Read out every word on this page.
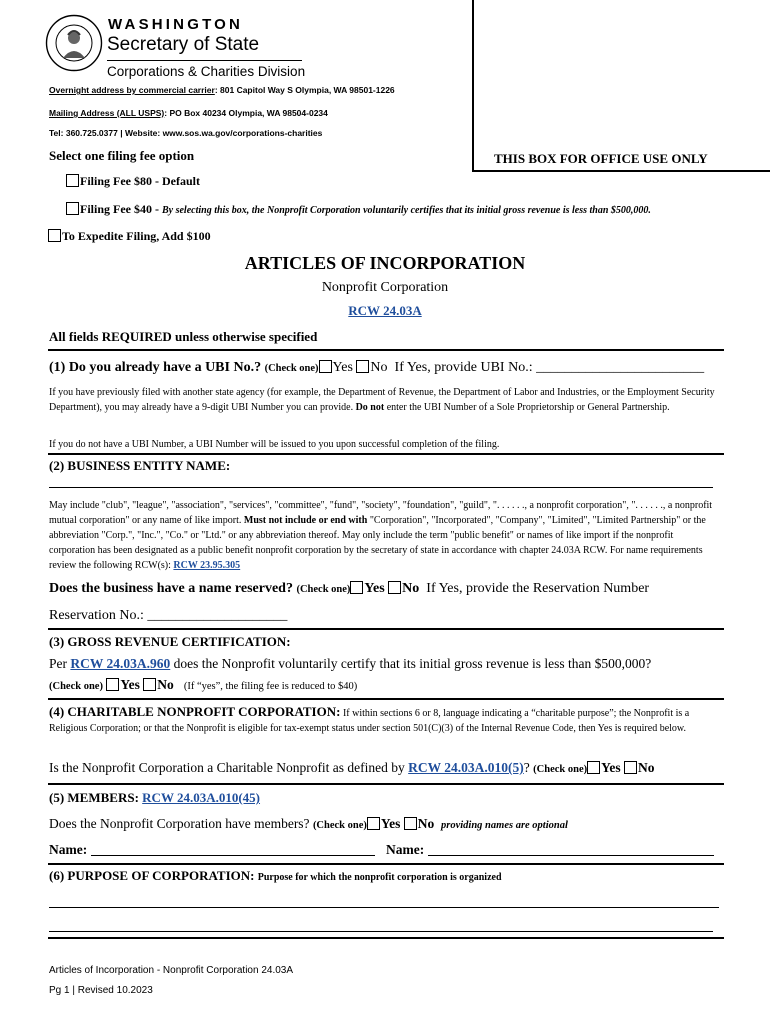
WASHINGTON
Secretary of State
Corporations & Charities Division
Overnight address by commercial carrier: 801 Capitol Way S Olympia, WA 98501-1226
Mailing Address (ALL USPS): PO Box 40234 Olympia, WA 98504-0234
Tel: 360.725.0377 | Website: www.sos.wa.gov/corporations-charities
THIS BOX FOR OFFICE USE ONLY
Select one filing fee option
Filing Fee $80 - Default
Filing Fee $40 - By selecting this box, the Nonprofit Corporation voluntarily certifies that its initial gross revenue is less than $500,000.
To Expedite Filing, Add $100
ARTICLES OF INCORPORATION
Nonprofit Corporation
RCW 24.03A
All fields REQUIRED unless otherwise specified
(1) Do you already have a UBI No.? (Check one) Yes No If Yes, provide UBI No.: ________________________
If you have previously filed with another state agency (for example, the Department of Revenue, the Department of Labor and Industries, or the Employment Security Department), you may already have a 9-digit UBI Number you can provide. Do not enter the UBI Number of a Sole Proprietorship or General Partnership.
If you do not have a UBI Number, a UBI Number will be issued to you upon successful completion of the filing.
(2) BUSINESS ENTITY NAME:
May include "club", "league", "association", "services", "committee", "fund", "society", "foundation", "guild", ". . . . . ., a nonprofit corporation", ". . . . . ., a nonprofit mutual corporation" or any name of like import. Must not include or end with "Corporation", "Incorporated", "Company", "Limited", "Limited Partnership" or the abbreviation "Corp.", "Inc.", "Co." or "Ltd." or any abbreviation thereof. May only include the term "public benefit" or names of like import if the nonprofit corporation has been designated as a public benefit nonprofit corporation by the secretary of state in accordance with chapter 24.03A RCW. For name requirements review the following RCW(s): RCW 23.95.305
Does the business have a name reserved? (Check one) Yes No If Yes, provide the Reservation Number
Reservation No.: ____________________
(3) GROSS REVENUE CERTIFICATION:
Per RCW 24.03A.960 does the Nonprofit voluntarily certify that its initial gross revenue is less than $500,000?
(Check one) Yes No (If “yes”, the filing fee is reduced to $40)
(4) CHARITABLE NONPROFIT CORPORATION: If within sections 6 or 8, language indicating a “charitable purpose”; the Nonprofit is a Religious Corporation; or that the Nonprofit is eligible for tax-exempt status under section 501(C)(3) of the Internal Revenue Code, then Yes is required below.
Is the Nonprofit Corporation a Charitable Nonprofit as defined by RCW 24.03A.010(5)? (Check one) Yes No
(5) MEMBERS: RCW 24.03A.010(45)
Does the Nonprofit Corporation have members? (Check one) Yes No providing names are optional
Name:	Name:
(6) PURPOSE OF CORPORATION: Purpose for which the nonprofit corporation is organized
Articles of Incorporation - Nonprofit Corporation 24.03A
Pg 1 | Revised 10.2023
